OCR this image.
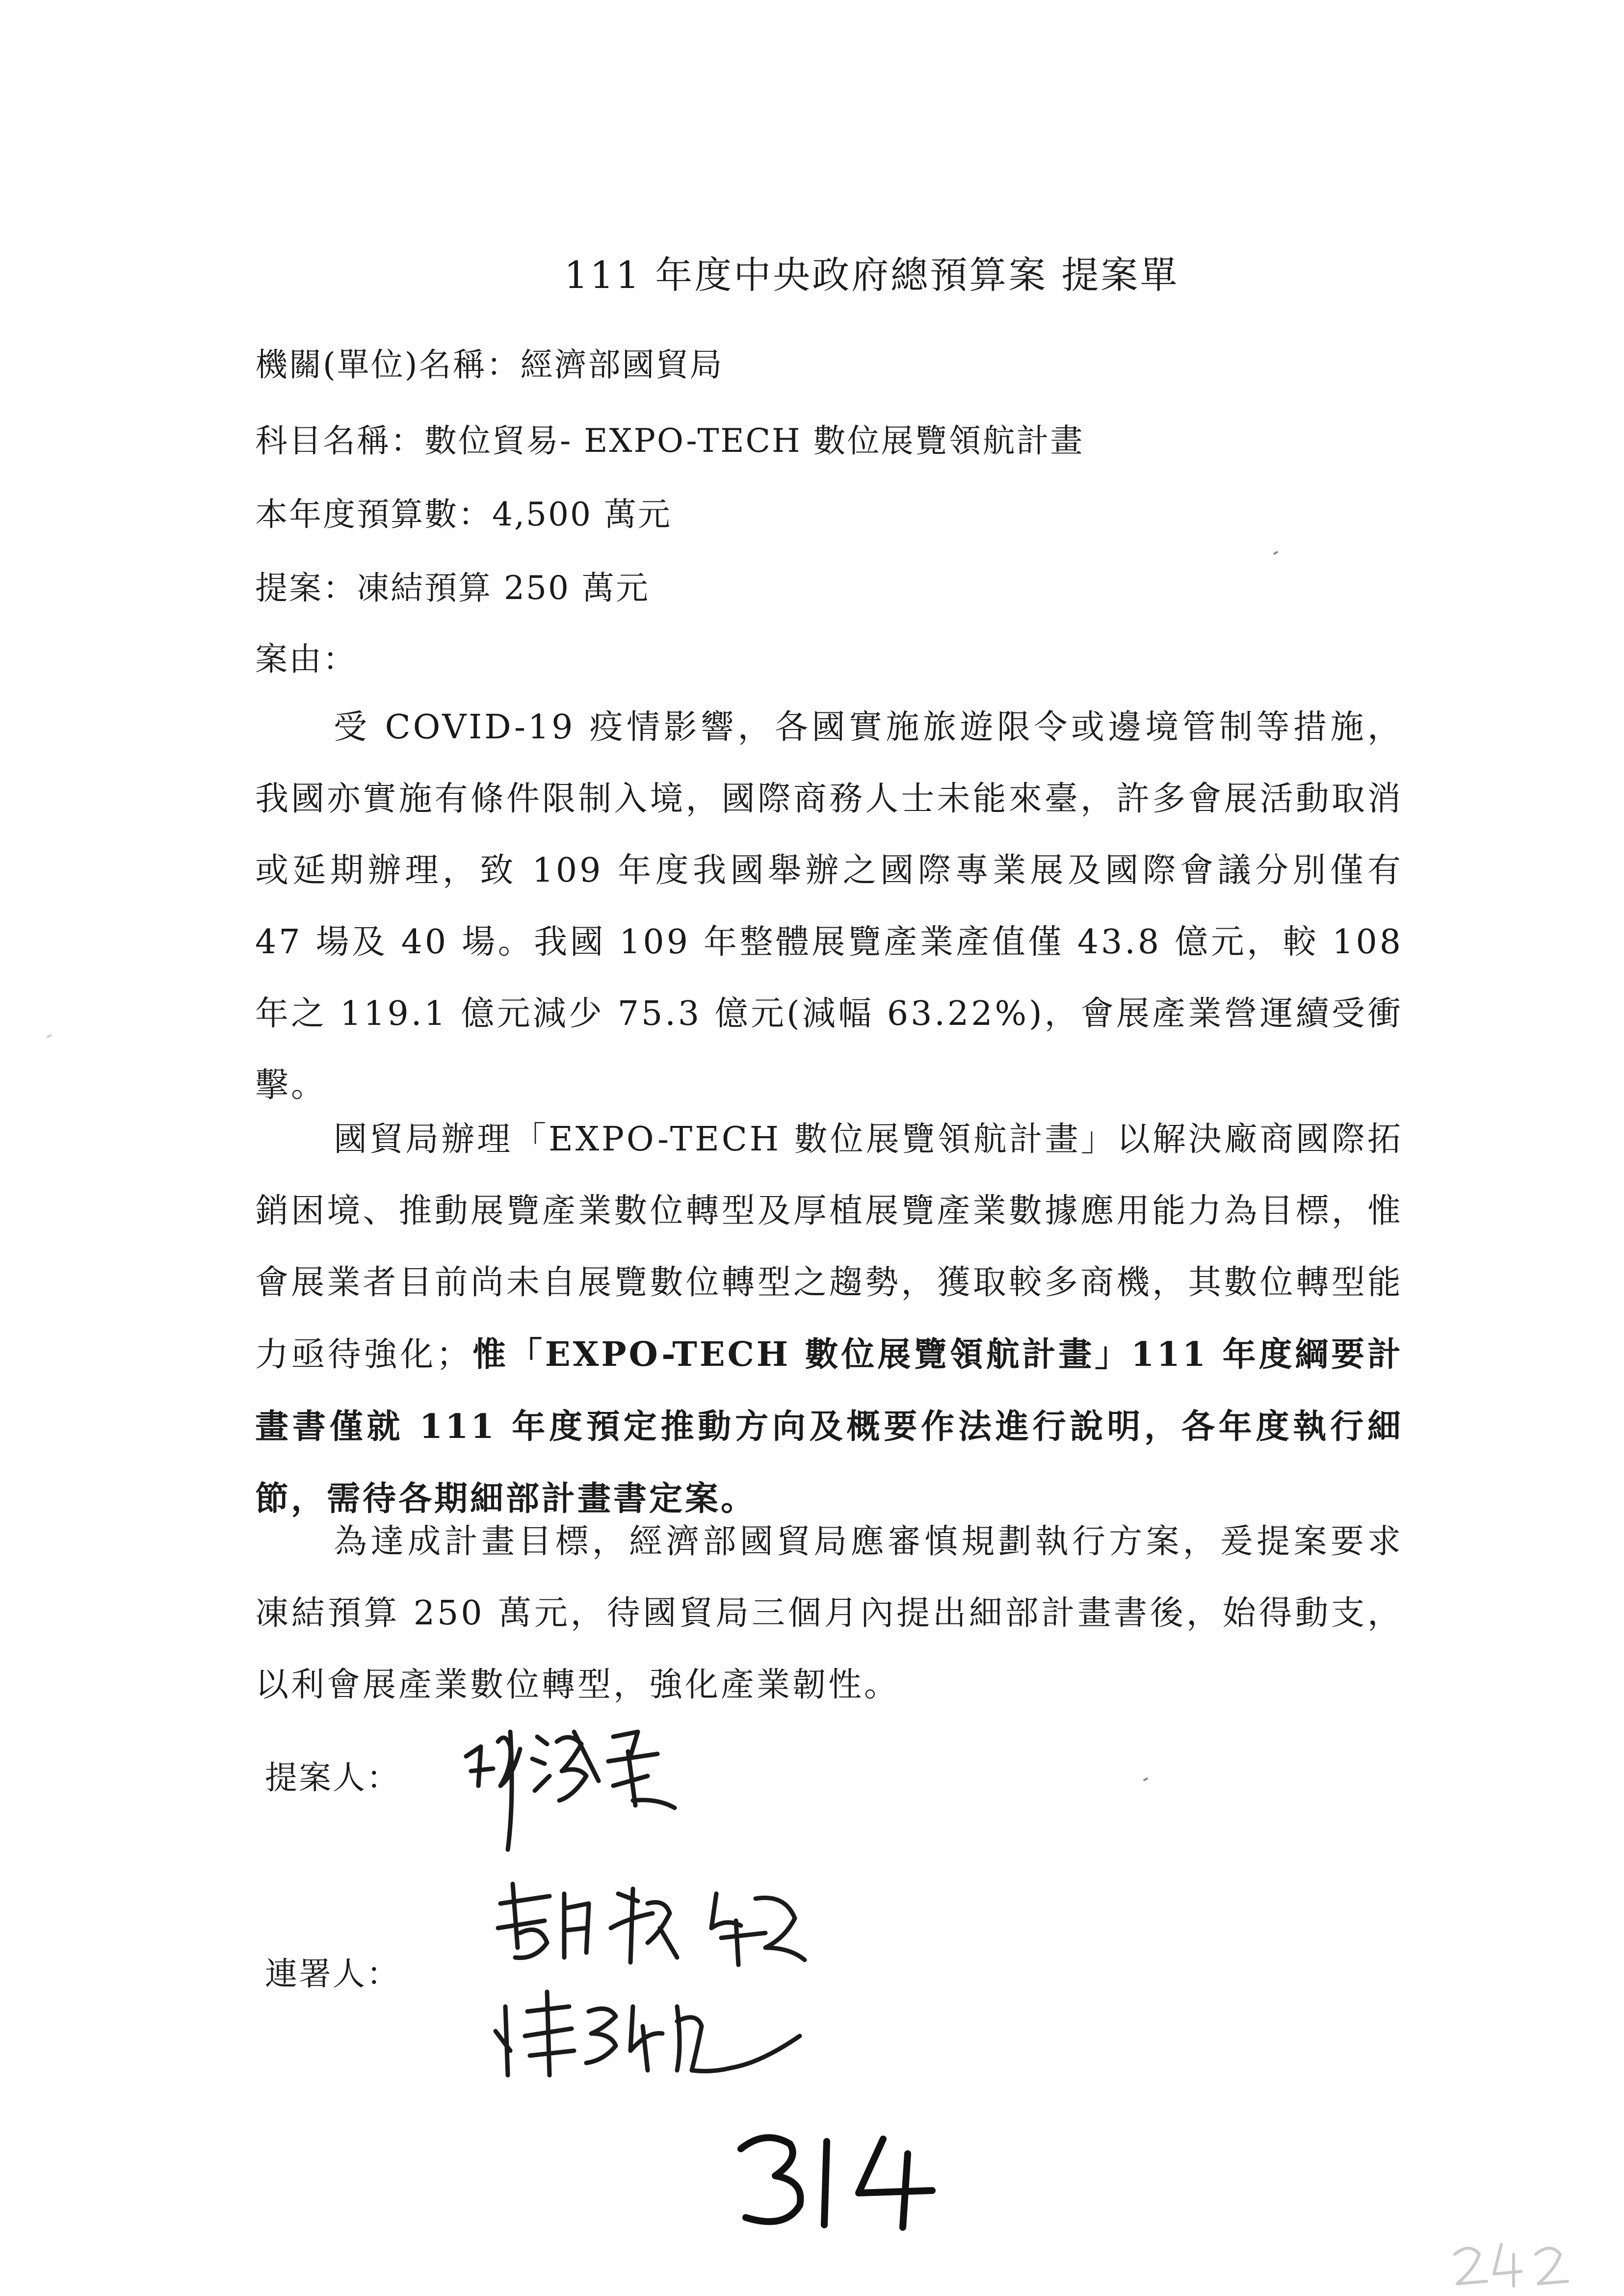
111 年度中央政府總預算案 提案單
機關(單位)名稱：經濟部國貿局
科目名稱：數位貿易- EXPO-TECH 數位展覽領航計畫
本年度預算數：4,500 萬元
提案：凍結預算 250 萬元
案由：

受 COVID-19 疫情影響，各國實施旅遊限令或邊境管制等措施，我國亦實施有條件限制入境，國際商務人士未能來臺，許多會展活動取消或延期辦理，致 109 年度我國舉辦之國際專業展及國際會議分別僅有 47 場及 40 場。我國 109 年整體展覽產業產值僅 43.8 億元，較 108 年之 119.1 億元減少 75.3 億元(減幅 63.22%)，會展產業營運續受衝擊。

國貿局辦理「EXPO-TECH 數位展覽領航計畫」以解決廠商國際拓銷困境、推動展覽產業數位轉型及厚植展覽產業數據應用能力為目標，惟會展業者目前尚未自展覽數位轉型之趨勢，獲取較多商機，其數位轉型能力亟待強化；惟「EXPO-TECH 數位展覽領航計畫」111 年度綱要計畫書僅就 111 年度預定推動方向及概要作法進行說明，各年度執行細節，需待各期細部計畫書定案。

為達成計畫目標，經濟部國貿局應審慎規劃執行方案，爰提案要求凍結預算 250 萬元，待國貿局三個月內提出細部計畫書後，始得動支，以利會展產業數位轉型，強化產業韌性。

提案人：
連署人：
